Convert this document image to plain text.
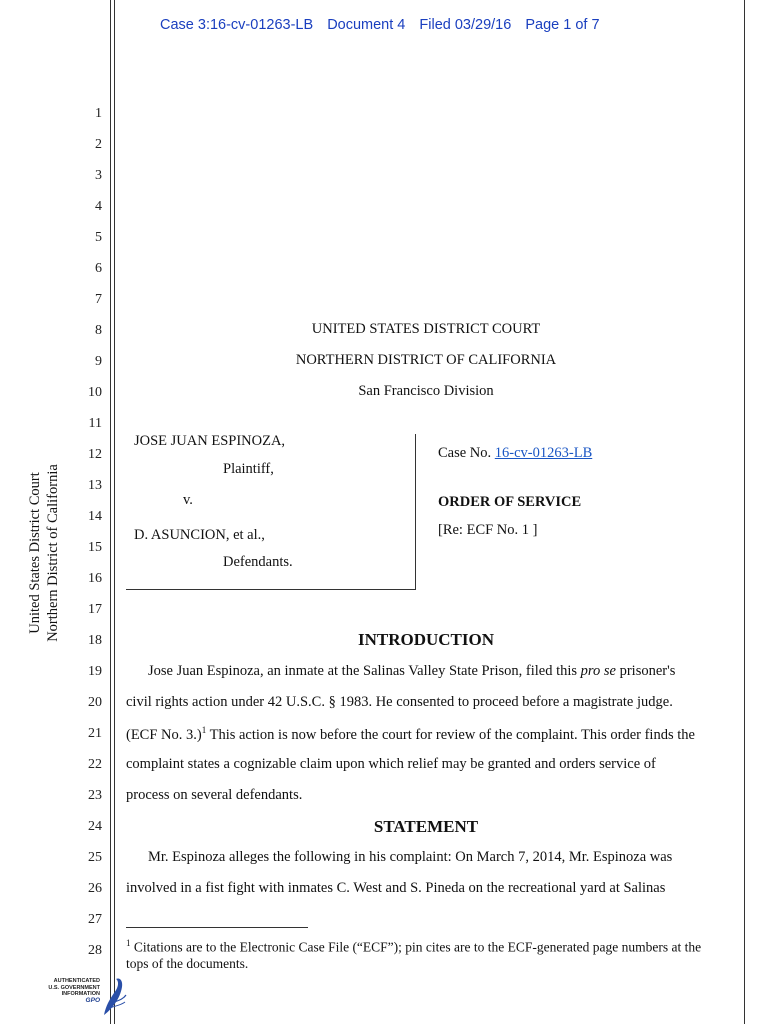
Case 3:16-cv-01263-LB Document 4 Filed 03/29/16 Page 1 of 7
1
2
3
4
5
6
7
8
9
10
11
12
13
14
15
16
17
18
19
20
21
22
23
24
25
26
27
28
United States District Court Northern District of California
UNITED STATES DISTRICT COURT
NORTHERN DISTRICT OF CALIFORNIA
San Francisco Division
JOSE JUAN ESPINOZA,
Plaintiff,
v.
D. ASUNCION, et al.,
Defendants.
Case No. 16-cv-01263-LB
ORDER OF SERVICE
[Re: ECF No. 1 ]
INTRODUCTION
Jose Juan Espinoza, an inmate at the Salinas Valley State Prison, filed this pro se prisoner's
civil rights action under 42 U.S.C. § 1983. He consented to proceed before a magistrate judge.
(ECF No. 3.)$^1$ This action is now before the court for review of the complaint. This order finds the
complaint states a cognizable claim upon which relief may be granted and orders service of
process on several defendants.
STATEMENT
Mr. Espinoza alleges the following in his complaint: On March 7, 2014, Mr. Espinoza was
involved in a fist fight with inmates C. West and S. Pineda on the recreational yard at Salinas
$^1$ Citations are to the Electronic Case File (“ECF”); pin cites are to the ECF-generated page numbers at the tops of the documents.
AUTHENTICATED
U.S. GOVERNMENT
INFORMATION
GPO
